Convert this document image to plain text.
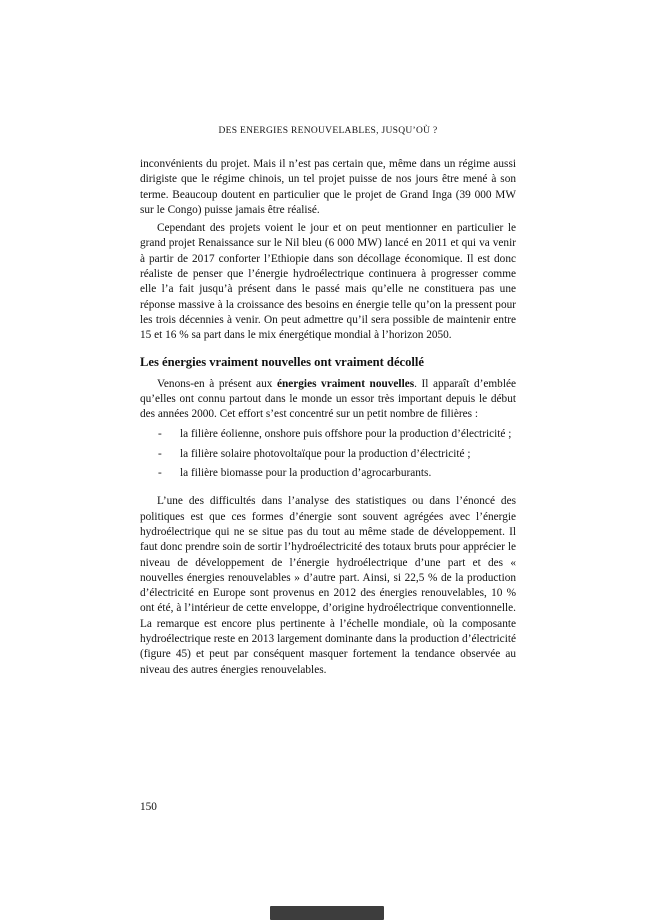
DES ENERGIES RENOUVELABLES, JUSQU’OÙ ?

inconvénients du projet. Mais il n’est pas certain que, même dans un régime aussi dirigiste que le régime chinois, un tel projet puisse de nos jours être mené à son terme. Beaucoup doutent en particulier que le projet de Grand Inga (39 000 MW sur le Congo) puisse jamais être réalisé.

Cependant des projets voient le jour et on peut mentionner en particulier le grand projet Renaissance sur le Nil bleu (6 000 MW) lancé en 2011 et qui va venir à partir de 2017 conforter l’Ethiopie dans son décollage économique. Il est donc réaliste de penser que l’énergie hydroélectrique continuera à progresser comme elle l’a fait jusqu’à présent dans le passé mais qu’elle ne constituera pas une réponse massive à la croissance des besoins en énergie telle qu’on la pressent pour les trois décennies à venir. On peut admettre qu’il sera possible de maintenir entre 15 et 16 % sa part dans le mix énergétique mondial à l’horizon 2050.

Les énergies vraiment nouvelles ont vraiment décollé

Venons-en à présent aux énergies vraiment nouvelles. Il apparaît d’emblée qu’elles ont connu partout dans le monde un essor très important depuis le début des années 2000. Cet effort s’est concentré sur un petit nombre de filières :

-	la filière éolienne, onshore puis offshore pour la production d’électricité ;
-	la filière solaire photovoltaïque pour la production d’électricité ;
-	la filière biomasse pour la production d’agrocarburants.

L’une des difficultés dans l’analyse des statistiques ou dans l’énoncé des politiques est que ces formes d’énergie sont souvent agrégées avec l’énergie hydroélectrique qui ne se situe pas du tout au même stade de développement. Il faut donc prendre soin de sortir l’hydroélectricité des totaux bruts pour apprécier le niveau de développement de l’énergie hydroélectrique d’une part et des « nouvelles énergies renouvelables » d’autre part. Ainsi, si 22,5 % de la production d’électricité en Europe sont provenus en 2012 des énergies renouvelables, 10 % ont été, à l’intérieur de cette enveloppe, d’origine hydroélectrique conventionnelle. La remarque est encore plus pertinente à l’échelle mondiale, où la composante hydroélectrique reste en 2013 largement dominante dans la production d’électricité (figure 45) et peut par conséquent masquer fortement la tendance observée au niveau des autres énergies renouvelables.

150
